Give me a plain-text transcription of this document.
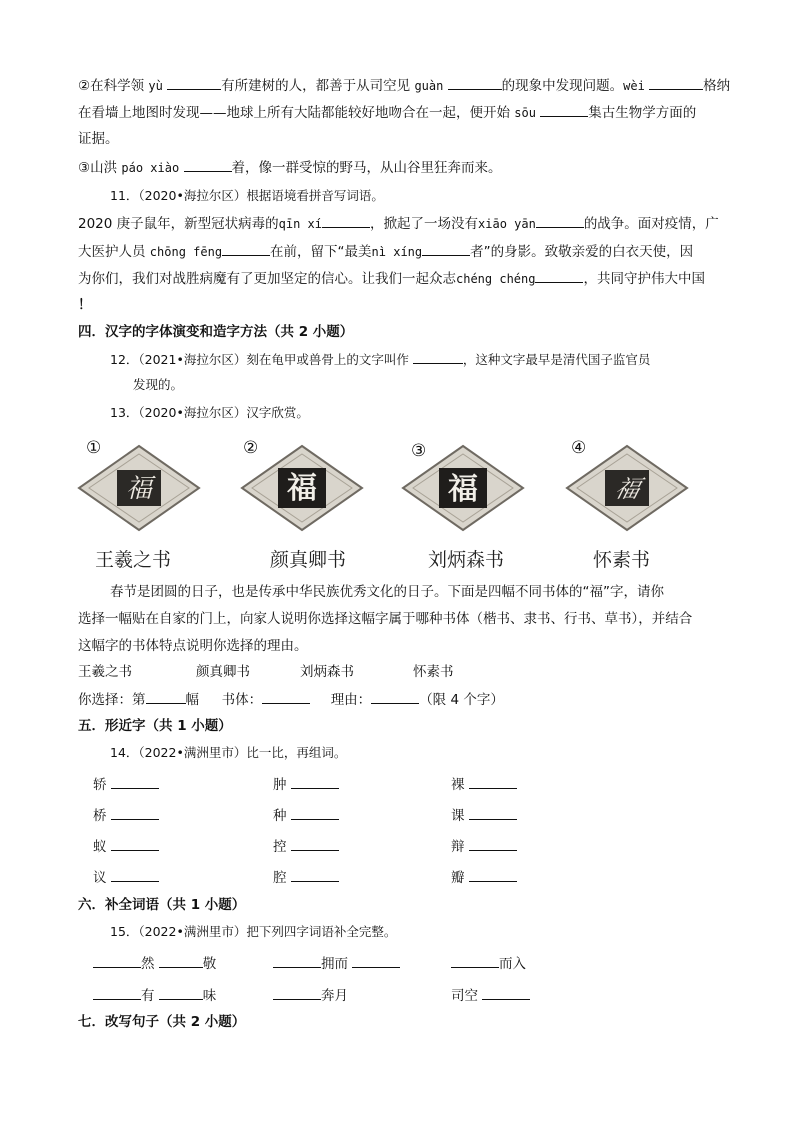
②在科学领 yù	有所建树的人，都善于从司空见 guàn	的现象中发现问题。wèi	格纳
在看墙上地图时发现——地球上所有大陆都能较好地吻合在一起，便开始 sōu	集古生物学方面的
证据。
③山洪 páo xiào	着，像一群受惊的野马，从山谷里狂奔而来。
11．（2020•海拉尔区）根据语境看拼音写词语。
2020 庚子鼠年，新型冠状病毒的qīn xí	，掀起了一场没有xiāo yān	的战争。面对疫情，广
大医护人员 chōng fēng	在前，留下“最美nì xíng	者”的身影。致敬亲爱的白衣天使，因
为你们，我们对战胜病魔有了更加坚定的信心。让我们一起众志chéng chéng	，共同守护伟大中国
！
四．汉字的字体演变和造字方法（共 2 小题）
12．（2021•海拉尔区）刻在龟甲或兽骨上的文字叫作	，这种文字最早是清代国子监官员
发现的。
13．（2020•海拉尔区）汉字欣赏。
①	②	③	④
福	福	福	福
王羲之书	颜真卿书	刘炳森书	怀素书
春节是团圆的日子，也是传承中华民族优秀文化的日子。下面是四幅不同书体的“福”字，请你
选择一幅贴在自家的门上，向家人说明你选择这幅字属于哪种书体（楷书、隶书、行书、草书），并结合
这幅字的书体特点说明你选择的理由。
王羲之书	颜真卿书	刘炳森书	怀素书
你选择：第	幅 书体：	理由：	（限 4 个字）
五．形近字（共 1 小题）
14．（2022•满洲里市）比一比，再组词。
轿	肿	裸
桥	种	课
蚁	控	辩
议	腔	瓣
六．补全词语（共 1 小题）
15．（2022•满洲里市）把下列四字词语补全完整。
然	敬	拥而	而入
有	味	奔月	司空
七．改写句子（共 2 小题）
